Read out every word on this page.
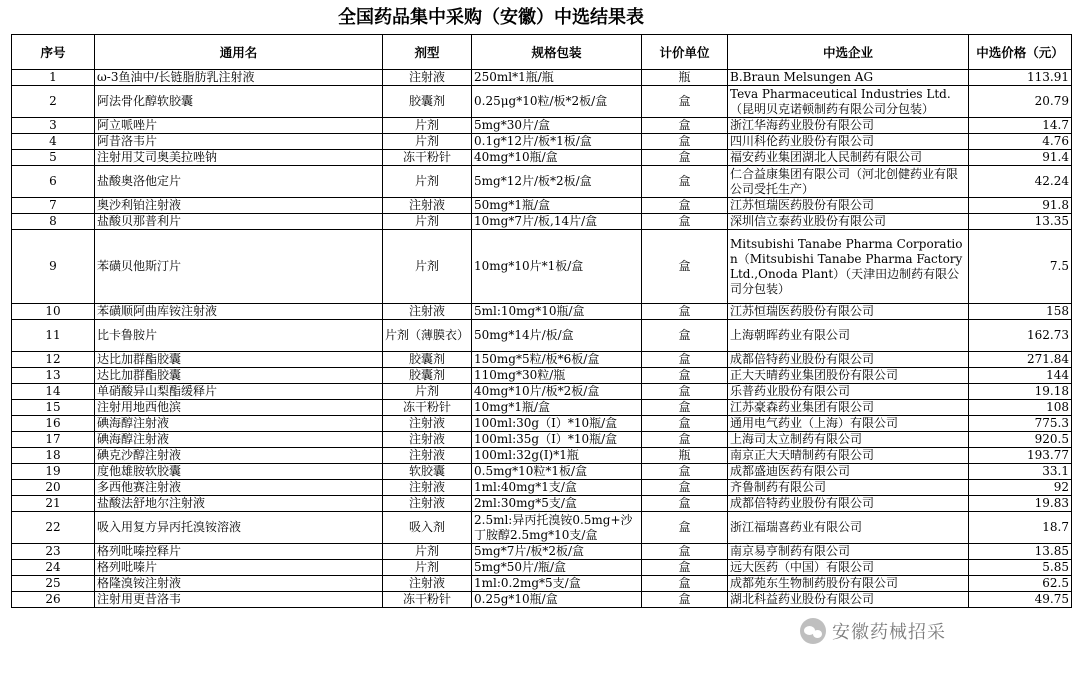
全国药品集中采购（安徽）中选结果表
序号	通用名	剂型	规格包装	计价单位	中选企业	中选价格（元）
1	ω-3鱼油中/长链脂肪乳注射液	注射液	250ml*1瓶/瓶	瓶	B.Braun Melsungen AG	113.91
2	阿法骨化醇软胶囊	胶囊剂	0.25μg*10粒/板*2板/盒	盒	Teva Pharmaceutical Industries Ltd.（昆明贝克诺顿制药有限公司分包装）	20.79
3	阿立哌唑片	片剂	5mg*30片/盒	盒	浙江华海药业股份有限公司	14.7
4	阿昔洛韦片	片剂	0.1g*12片/板*1板/盒	盒	四川科伦药业股份有限公司	4.76
5	注射用艾司奥美拉唑钠	冻干粉针	40mg*10瓶/盒	盒	福安药业集团湖北人民制药有限公司	91.4
6	盐酸奥洛他定片	片剂	5mg*12片/板*2板/盒	盒	仁合益康集团有限公司（河北创健药业有限公司受托生产）	42.24
7	奥沙利铂注射液	注射液	50mg*1瓶/盒	盒	江苏恒瑞医药股份有限公司	91.8
8	盐酸贝那普利片	片剂	10mg*7片/板,14片/盒	盒	深圳信立泰药业股份有限公司	13.35
9	苯磺贝他斯汀片	片剂	10mg*10片*1板/盒	盒	Mitsubishi Tanabe Pharma Corporation（Mitsubishi Tanabe Pharma Factory Ltd.,Onoda Plant）（天津田边制药有限公司分包装）	7.5
10	苯磺顺阿曲库铵注射液	注射液	5ml:10mg*10瓶/盒	盒	江苏恒瑞医药股份有限公司	158
11	比卡鲁胺片	片剂（薄膜衣）	50mg*14片/板/盒	盒	上海朝晖药业有限公司	162.73
12	达比加群酯胶囊	胶囊剂	150mg*5粒/板*6板/盒	盒	成都倍特药业股份有限公司	271.84
13	达比加群酯胶囊	胶囊剂	110mg*30粒/瓶	盒	正大天晴药业集团股份有限公司	144
14	单硝酸异山梨酯缓释片	片剂	40mg*10片/板*2板/盒	盒	乐普药业股份有限公司	19.18
15	注射用地西他滨	冻干粉针	10mg*1瓶/盒	盒	江苏豪森药业集团有限公司	108
16	碘海醇注射液	注射液	100ml:30g（I）*10瓶/盒	盒	通用电气药业（上海）有限公司	775.3
17	碘海醇注射液	注射液	100ml:35g（I）*10瓶/盒	盒	上海司太立制药有限公司	920.5
18	碘克沙醇注射液	注射液	100ml:32g(I)*1瓶	瓶	南京正大天晴制药有限公司	193.77
19	度他雄胺软胶囊	软胶囊	0.5mg*10粒*1板/盒	盒	成都盛迪医药有限公司	33.1
20	多西他赛注射液	注射液	1ml:40mg*1支/盒	盒	齐鲁制药有限公司	92
21	盐酸法舒地尔注射液	注射液	2ml:30mg*5支/盒	盒	成都倍特药业股份有限公司	19.83
22	吸入用复方异丙托溴铵溶液	吸入剂	2.5ml:异丙托溴铵0.5mg+沙丁胺醇2.5mg*10支/盒	盒	浙江福瑞喜药业有限公司	18.7
23	格列吡嗪控释片	片剂	5mg*7片/板*2板/盒	盒	南京易亨制药有限公司	13.85
24	格列吡嗪片	片剂	5mg*50片/瓶/盒	盒	远大医药（中国）有限公司	5.85
25	格隆溴铵注射液	注射液	1ml:0.2mg*5支/盒	盒	成都苑东生物制药股份有限公司	62.5
26	注射用更昔洛韦	冻干粉针	0.25g*10瓶/盒	盒	湖北科益药业股份有限公司	49.75
安徽药械招采
